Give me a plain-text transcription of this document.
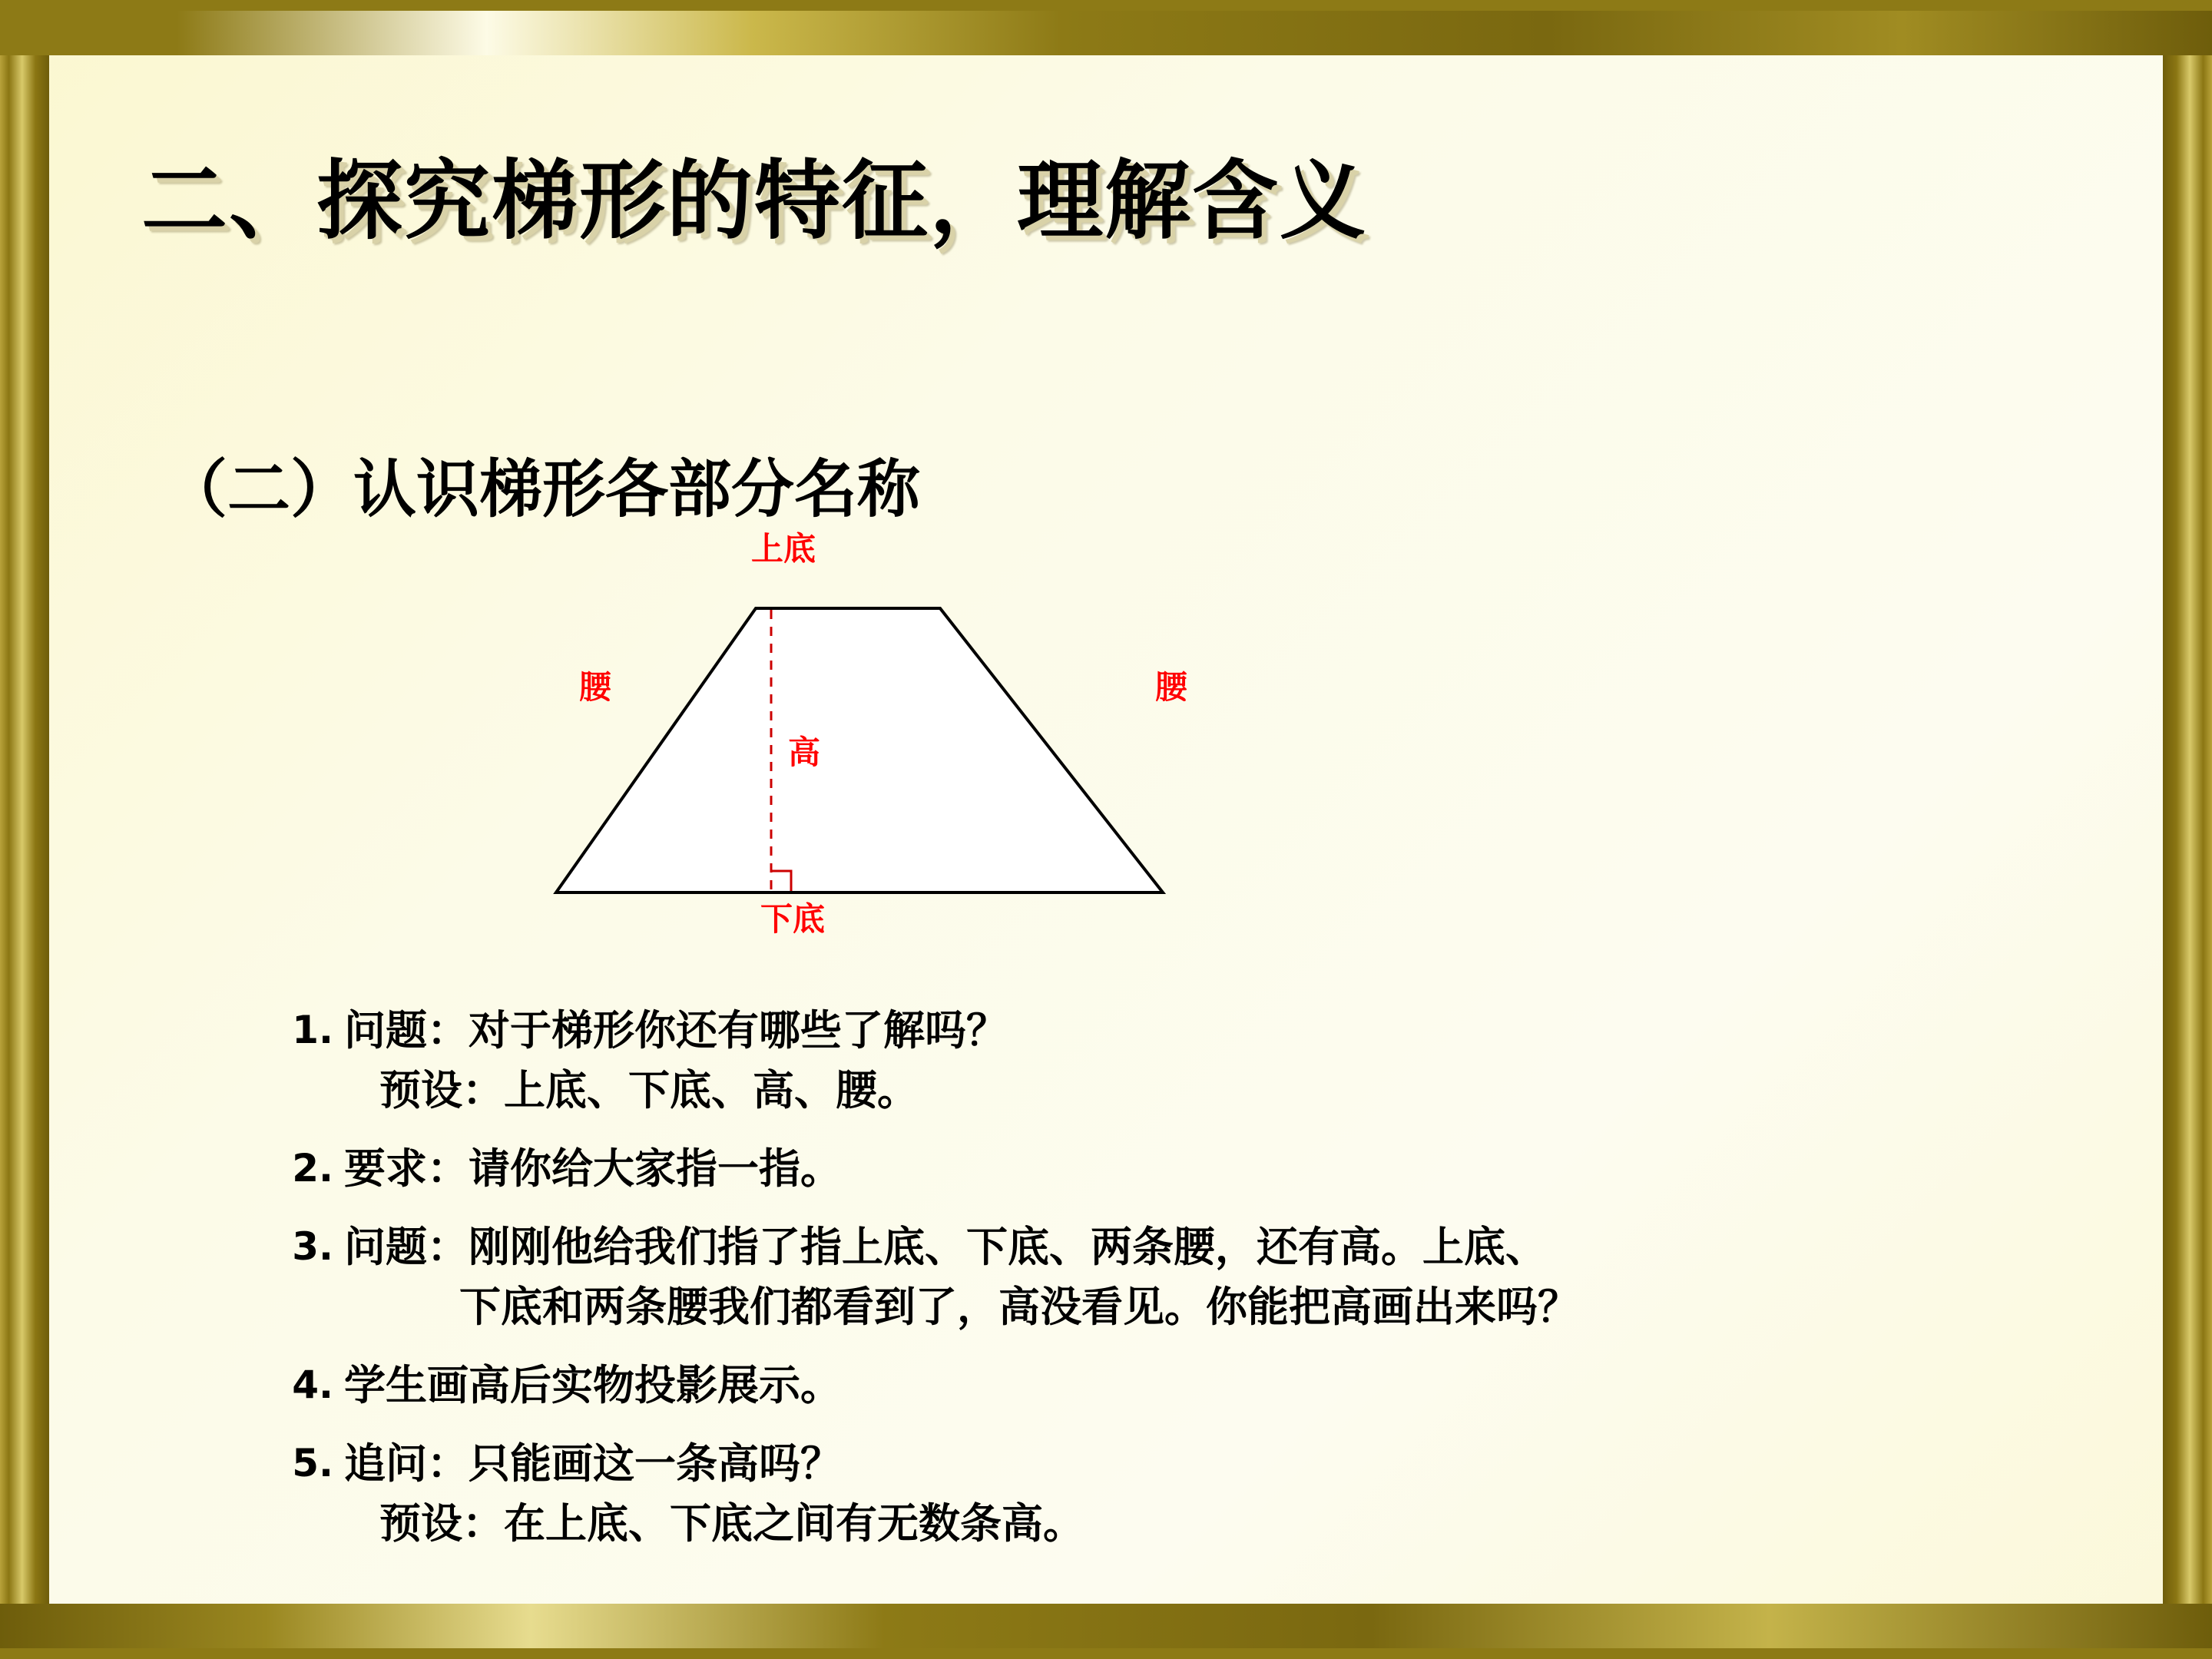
二、探究梯形的特征，理解含义
（二）认识梯形各部分名称
上底
下底
腰	腰
高
1. 问题：对于梯形你还有哪些了解吗？
预设：上底、下底、高、腰。
2. 要求：请你给大家指一指。
3. 问题：刚刚他给我们指了指上底、下底、两条腰，还有高。上底、
下底和两条腰我们都看到了，高没看见。你能把高画出来吗？
4. 学生画高后实物投影展示。
5. 追问：只能画这一条高吗？
预设：在上底、下底之间有无数条高。
